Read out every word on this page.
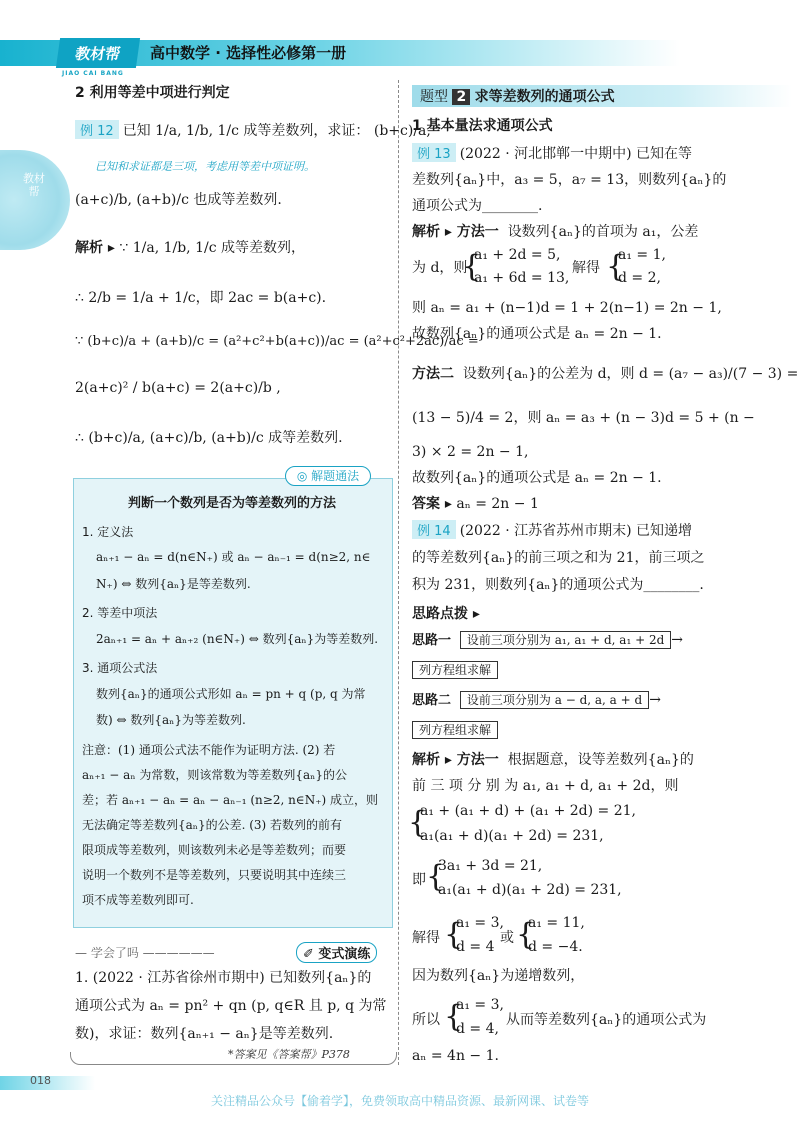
教材帮
JIAO CAI BANG
高中数学 · 选择性必修第一册
教材帮
2 利用等差中项进行判定
例 12 已知 1/a, 1/b, 1/c 成等差数列，求证： (b+c)/a,
已知和求证都是三项，考虑用等差中项证明。
(a+c)/b, (a+b)/c 也成等差数列.
解析 ▸ ∵ 1/a, 1/b, 1/c 成等差数列，
∴ 2/b = 1/a + 1/c，即 2ac = b(a+c).
∵ (b+c)/a + (a+b)/c = (a²+c²+b(a+c))/ac = (a²+c²+2ac)/ac =
2(a+c)² / b(a+c) = 2(a+c)/b ,
∴ (b+c)/a, (a+c)/b, (a+b)/c 成等差数列.
◎ 解题通法
判断一个数列是否为等差数列的方法
1. 定义法
aₙ₊₁ − aₙ = d(n∈N₊) 或 aₙ − aₙ₋₁ = d(n≥2, n∈
N₊) ⇔ 数列{aₙ}是等差数列.
2. 等差中项法
2aₙ₊₁ = aₙ + aₙ₊₂ (n∈N₊) ⇔ 数列{aₙ}为等差数列.
3. 通项公式法
数列{aₙ}的通项公式形如 aₙ = pn + q (p, q 为常
数) ⇔ 数列{aₙ}为等差数列.
注意：(1) 通项公式法不能作为证明方法. (2) 若
aₙ₊₁ − aₙ 为常数，则该常数为等差数列{aₙ}的公
差；若 aₙ₊₁ − aₙ = aₙ − aₙ₋₁ (n≥2, n∈N₊) 成立，则
无法确定等差数列{aₙ}的公差. (3) 若数列的前有
限项成等差数列，则该数列未必是等差数列；而要
说明一个数列不是等差数列，只要说明其中连续三
项不成等差数列即可.
— 学会了吗 ——————	✐ 变式演练
1. (2022 · 江苏省徐州市期中) 已知数列{aₙ}的
通项公式为 aₙ = pn² + qn (p, q∈R 且 p, q 为常
数)，求证：数列{aₙ₊₁ − aₙ}是等差数列.
*答案见《答案帮》P378
题型 2 求等差数列的通项公式
1 基本量法求通项公式
例 13 (2022 · 河北邯郸一中期中) 已知在等
差数列{aₙ}中，a₃ = 5，a₇ = 13，则数列{aₙ}的
通项公式为________.
解析 ▸ 方法一 设数列{aₙ}的首项为 a₁，公差
为 d，则
{
a₁ + 2d = 5,
a₁ + 6d = 13,
解得 {
a₁ = 1,
d = 2,
则 aₙ = a₁ + (n−1)d = 1 + 2(n−1) = 2n − 1,
故数列{aₙ}的通项公式是 aₙ = 2n − 1.
方法二 设数列{aₙ}的公差为 d，则 d = (a₇ − a₃)/(7 − 3) =
(13 − 5)/4 = 2，则 aₙ = a₃ + (n − 3)d = 5 + (n −
3) × 2 = 2n − 1,
故数列{aₙ}的通项公式是 aₙ = 2n − 1.
答案 ▸ aₙ = 2n − 1
例 14 (2022 · 江苏省苏州市期末) 已知递增
的等差数列{aₙ}的前三项之和为 21，前三项之
积为 231，则数列{aₙ}的通项公式为________.
思路点拨 ▸
思路一 设前三项分别为 a₁, a₁ + d, a₁ + 2d →
列方程组求解
思路二 设前三项分别为 a − d, a, a + d →
列方程组求解
解析 ▸ 方法一 根据题意，设等差数列{aₙ}的
前 三 项 分 别 为 a₁, a₁ + d, a₁ + 2d，则
{
a₁ + (a₁ + d) + (a₁ + 2d) = 21,
a₁(a₁ + d)(a₁ + 2d) = 231,
即 {
3a₁ + 3d = 21,
a₁(a₁ + d)(a₁ + 2d) = 231,
解得 {
a₁ = 3,
d = 4
或 {
a₁ = 11,
d = −4.
因为数列{aₙ}为递增数列，
所以 {
a₁ = 3,
d = 4,
从而等差数列{aₙ}的通项公式为
aₙ = 4n − 1.
018
关注精品公众号【偷着学】，免费领取高中精品资源、最新网课、试卷等
